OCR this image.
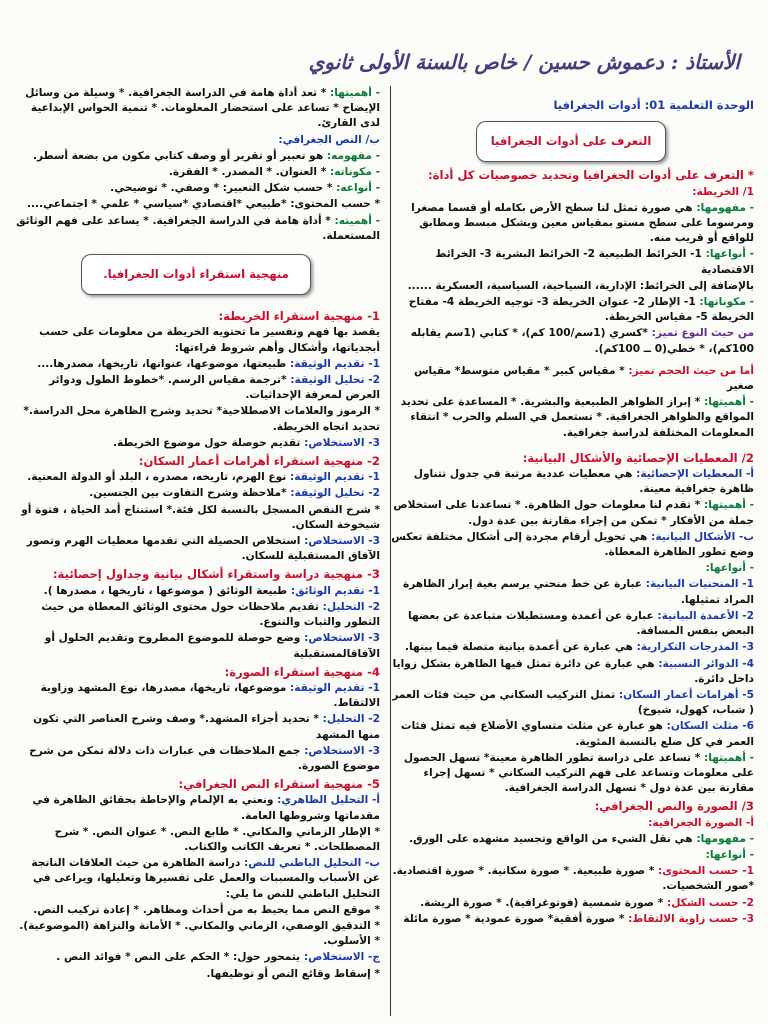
الأستاذ : دعموش حسين / خاص بالسنة الأولى ثانوي
الوحدة التعلمية 01: أدوات الجغرافيا
التعرف على أدوات الجغرافيا
* التعرف على أدوات الجغرافيا وتحديد خصوصيات كل أداة:
1/ الخريطة:
- مفهومها: هي صورة تمثل لنا سطح الأرض بكامله أو قسما مصغرا ومرسوما على سطح مستو بمقياس معين وبشكل مبسط ومطابق للواقع أو قريب منه.
- أنواعها: 1- الخرائط الطبيعية 2- الخرائط البشرية 3- الخرائط الاقتصادية
بالإضافة إلى الخرائط: الإدارية، السياحية، السياسية، العسكرية ......
- مكوناتها: 1- الإطار 2- عنوان الخريطة 3- توجيه الخريطة 4- مفتاح الخريطة 5- مقياس الخريطة.
من حيث النوع تميز: *كسري (1سم/100 كم)، * كتابي (1سم يقابله 100كم)، * خطي(0 ــ 100كم).
أما من حيث الحجم تميز: * مقياس كبير * مقياس متوسط* مقياس صغير
- أهميتها: * إبراز الظواهر الطبيعية والبشرية. * المساعدة على تحديد المواقع والظواهر الجغرافية. * تستعمل في السلم والحرب * انتقاء المعلومات المختلفة لدراسة جغرافية.
2/ المعطيات الإحصائية والأشكال البيانية:
أ- المعطيات الإحصائية: هي معطيات عددية مرتبة في جدول تتناول ظاهرة جغرافية معينة.
- أهميتها: * تقدم لنا معلومات حول الظاهرة. * تساعدنا على استخلاص جملة من الأفكار * تمكن من إجراء مقارنة بين عدة دول.
ب- الأشكال البيانية: هي تحويل أرقام مجردة إلى أشكال مختلفة تعكس وضع تطور الظاهرة المعطاة.
- أنواعها:
1- المنحنيات البيانية: عبارة عن خط منحني يرسم بغية إبراز الظاهرة المراد تمثيلها.
2- الأعمدة البيانية: عبارة عن أعمدة ومستطيلات متباعدة عن بعضها البعض بنفس المسافة.
3- المدرجات التكرارية: هي عبارة عن أعمدة بيانية متصلة فيما بينها.
4- الدوائر النسبية: هي عبارة عن دائرة تمثل فيها الظاهرة بشكل زوايا داخل دائرة.
5- أهرامات أعمار السكان: تمثل التركيب السكاني من حيث فئات العمر ( شباب، كهول، شيوخ)
6- مثلث السكان: هو عبارة عن مثلث متساوي الأضلاع فيه تمثل فئات العمر في كل ضلع بالنسبة المئوية.
- أهميتها: * تساعد على دراسة تطور الظاهرة معينة* تسهل الحصول على معلومات وتساعد على فهم التركيب السكاني * تسهل إجراء مقارنة بين عدة دول * تسهل الدراسة الجغرافية.
3/ الصورة والنص الجغرافي:
أ- الصورة الجغرافية:
- مفهومها: هي نقل الشيء من الواقع وتجسيد مشهده على الورق.
- أنواعها:
1- حسب المحتوى: * صورة طبيعية. * صورة سكانية. * صورة اقتصادية. *صور الشخصيات.
2- حسب الشكل: * صورة شمسية (فوتوغرافية). * صورة الريشة.
3- حسب زاوية الالتقاط: * صورة أفقية* صورة عمودية * صورة مائلة
- أهميتها: * تعد أداة هامة في الدراسة الجغرافية. * وسيلة من وسائل الإيضاح * تساعد على استحضار المعلومات. * تنمية الحواس الإبداعية لدى القارئ.
ب/ النص الجغرافي:
- مفهومه: هو تعبير أو تقرير أو وصف كتابي مكون من بضعة أسطر.
- مكوناته: * العنوان. * المصدر. * الفقرة.
- أنواعه: * حسب شكل التعبير: * وصفي. * توضيحي.
* حسب المحتوى: *طبيعي *اقتصادي *سياسي * علمي * اجتماعي....
- أهميته: * أداة هامة في الدراسة الجغرافية. * يساعد على فهم الوثائق المستعملة.
منهجية استقراء أدوات الجغرافيا.
1- منهجية استقراء الخريطة:
يقصد بها فهم وتفسير ما تحتويه الخريطة من معلومات على حسب أبجدياتها، وأشكال وأهم شروط قراءتها:
1- تقديم الوثيقة: طبيعتها، موضوعها، عنوانها، تاريخها، مصدرها....
2- تحليل الوثيقة: *ترجمة مقياس الرسم. *خطوط الطول ودوائر العرض لمعرفة الإحداثيات.
* الرموز والعلامات الاصطلاحية* تحديد وشرح الظاهرة محل الدراسة.* تحديد اتجاه الخريطة.
3- الاستخلاص: تقديم حوصلة حول موضوع الخريطة.
2- منهجية استقراء أهرامات أعمار السكان:
1- تقديم الوثيقة: نوع الهرم، تاريخه، مصدره ، البلد أو الدولة المعنية.
2- تحليل الوثيقة: *ملاحظة وشرح التفاوت بين الجنسين.
* شرح النقص المسجل بالنسبة لكل فئة.* استنتاج أمد الحياة ، فتوة أو شيخوخة السكان.
3- الاستخلاص: استخلاص الحصيلة التي تقدمها معطيات الهرم وتصور الآفاق المستقبلية للسكان.
3- منهجية دراسة واستقراء أشكال بيانية وجداول إحصائية:
1- تقديم الوثائق: طبيعة الوثائق ( موضوعها ، تاريخها ، مصدرها ).
2- التحليل: تقديم ملاحظات حول محتوى الوثائق المعطاة من حيث التطور والثبات والتنوع.
3- الاستخلاص: وضع حوصلة للموضوع المطروح وتقديم الحلول أو الآفاقالمستقبلية
4- منهجية استقراء الصورة:
1- تقديم الوثيقة: موضوعها، تاريخها، مصدرها، نوع المشهد وزاوية الالتقاط.
2- التحليل: * تحديد أجزاء المشهد.* وصف وشرح العناصر التي تكون منها المشهد
3- الاستخلاص: جمع الملاحظات في عبارات ذات دلالة تمكن من شرح موضوع الصورة.
5- منهجية استقراء النص الجغرافي:
أ- التحليل الظاهري: ونعني به الإلمام والإحاطة بحقائق الظاهرة في مقدماتها وشروطها العامة.
* الإطار الزماني والمكاني. * طابع النص. * عنوان النص. * شرح المصطلحات. * تعريف الكاتب والكتاب.
ب- التحليل الباطني للنص: دراسة الظاهرة من حيث العلاقات الناتجة عن الأسباب والمسببات والعمل على تفسيرها وتعليلها، ويراعى في التحليل الباطني للنص ما يلي:
* موقع النص مما يحيط به من أحداث ومظاهر. * إعادة تركيب النص.
* التدقيق الوصفي، الزماني والمكاني. * الأمانة والنزاهة (الموضوعية). * الأسلوب.
ج- الاستخلاص: يتمحور حول: * الحكم على النص * فوائد النص .
* إسقاط وقائع النص أو توظيفها.
